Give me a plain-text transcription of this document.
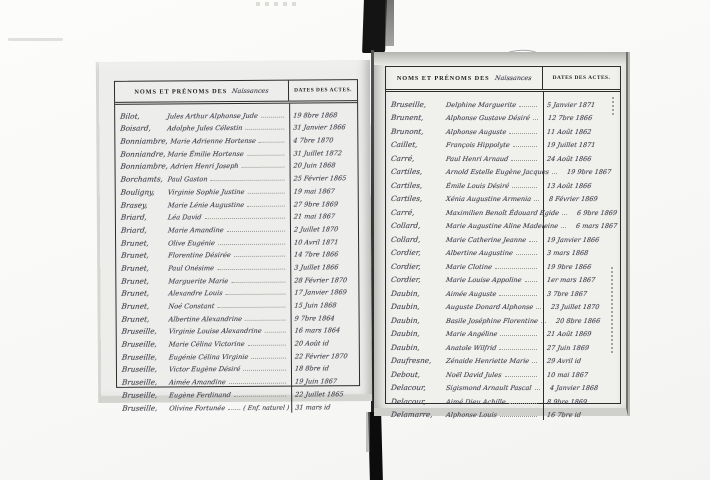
NOMS ET PRÉNOMS DES Naissances	DATES DES ACTES.
Bilot,	Jules Arthur Alphonse Jude	19 8bre 1868
Boisard,	Adolphe Jules Célestin	31 Janvier 1866
Bonniambre, Marie Adrienne Hortense	4 7bre 1870
Bonniandre, Marie Émilie Hortense	31 Juillet 1872
Bonniambre, Adrien Henri Joseph	20 Juin 1868
Borchamts, Paul Gaston	25 Février 1865
Bouligny,	Virginie Sophie Justine	19 mai 1867
Brasey,	Marie Lénie Augustine	27 9bre 1869
Briard,	Léa David	21 mai 1867
Briard,	Marie Amandine	2 Juillet 1870
Brunet,	Olive Eugénie	10 Avril 1871
Brunet,	Florentine Désirée	14 7bre 1866
Brunet,	Paul Onésime	3 Juillet 1866
Brunet,	Marguerite Marie	28 Février 1870
Brunet,	Alexandre Louis	17 Janvier 1869
Brunet,	Noé Constant	15 Juin 1868
Brunet,	Albertine Alexandrine	9 7bre 1864
Bruseille,	Virginie Louise Alexandrine	16 mars 1864
Bruseille,	Marie Célina Victorine	20 Août id
Bruseille,	Eugénie Célina Virginie	22 Février 1870
Bruseille,	Victor Eugène Désiré	18 8bre id
Bruseille,	Aimée Amandine	19 Juin 1867
Bruseille,	Eugène Ferdinand	22 Juillet 1865
Bruseille,	Olivine Fortunée	( Enf. naturel ) 31 mars id
NOMS ET PRÉNOMS DES Naissances	DATES DES ACTES.
Bruseille,	Delphine Marguerite	5 Janvier 1871
Brunent,	Alphonse Gustave Désiré	12 7bre 1866
Brunont,	Alphonse Auguste	11 Août 1862
Caillet,	François Hippolyte	19 Juillet 1871
Carré,	Paul Henri Arnaud	24 Août 1866
Cartiles,	Arnold Estelle Eugène Jacques	19 9bre 1867
Cartiles,	Émile Louis Désiré	13 Août 1866
Cartiles,	Xénia Augustine Armenia	8 Février 1869
Carré,	Maximilien Benoît Édouard Égide	6 9bre 1869
Collard,	Marie Augustine Aline Madeleine	6 mars 1867
Collard,	Marie Catherine Jeanne	19 Janvier 1866
Cordier,	Albertine Augustine	3 mars 1868
Cordier,	Marie Clotine	19 9bre 1866
Cordier,	Marie Louise Appoline	1er mars 1867
Daubin,	Aimée Auguste	3 7bre 1867
Daubin,	Auguste Donard Alphonse	23 Juillet 1870
Daubin,	Basile Joséphine Florentine	20 8bre 1866
Daubin,	Marie Angéline	21 Août 1869
Daubin,	Anatole Wilfrid	27 Juin 1869
Daufresne,	Zénaide Henriette Marie	29 Avril id
Debout,	Noël David Jules	10 mai 1867
Delacour,	Sigismond Arnault Pascal	4 Janvier 1868
Delacour,	Aimé Dieu Achille	8 9bre 1869
Delamarre,	Alphonse Louis	16 7bre id
